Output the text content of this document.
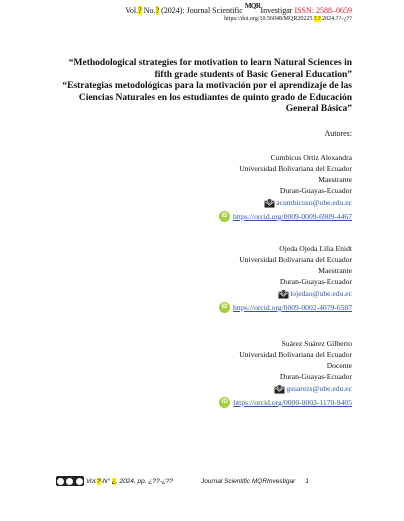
Vol.? No.? (2024): Journal Scientific MQRInvestigar ISSN: 2588–0659
https://doi.org/10.56048/MQR20225.?.?.2024.??–¿??

“Methodological strategies for motivation to learn Natural Sciences in fifth grade students of Basic General Education”

“Estrategias metodológicas para la motivación por el aprendizaje de las Ciencias Naturales en los estudiantes de quinto grado de Educación General Básica”

Autores:
Cumbicus Ortiz Alexandra
Universidad Bolivariana del Ecuador
Maestrante
Duran-Guayas-Ecuador
acumbicuso@ube.edu.ec
iD https://orcid.org/0009-0009-6909-4467
Ojeda Ojeda Lilia Enidt
Universidad Bolivariana del Ecuador
Maestrante
Duran-Guayas-Ecuador
lojedao@ube.edu.ec
iD https://orcid.org/0009-0002-4079-6587
Suárez Suárez Gilberto
Universidad Bolivariana del Ecuador
Docente
Duran-Guayas-Ecuador
gsuarezs@ube.edu.ec
iD https://orcid.org/0000-0003-1170-9405
Vol.?-N° ¿, 2024, pp. ¿??-¿??	Journal Scientific MQRInvestigar 1
